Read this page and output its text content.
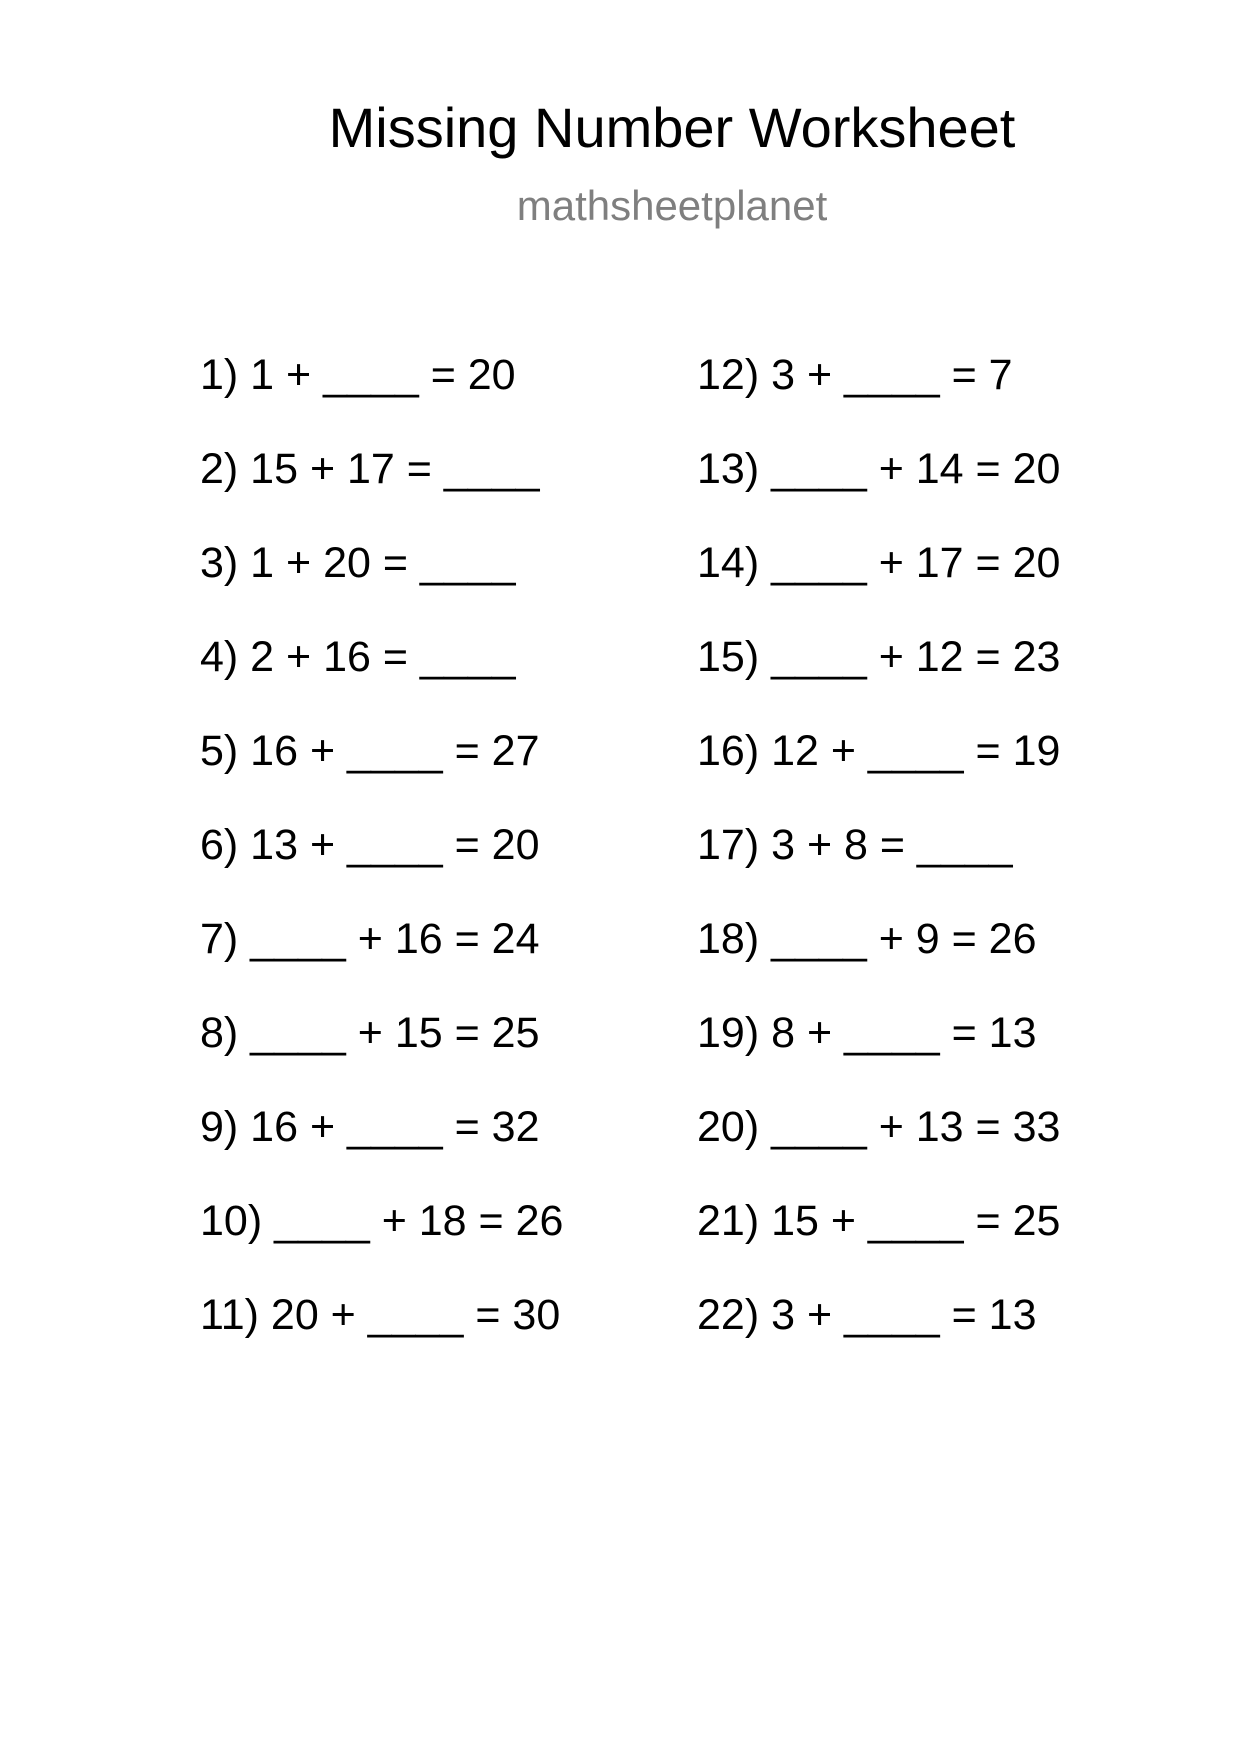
Missing Number Worksheet
mathsheetplanet
1) 1 + ____ = 20
2) 15 + 17 = ____
3) 1 + 20 = ____
4) 2 + 16 = ____
5) 16 + ____ = 27
6) 13 + ____ = 20
7) ____ + 16 = 24
8) ____ + 15 = 25
9) 16 + ____ = 32
10) ____ + 18 = 26
11) 20 + ____ = 30
12) 3 + ____ = 7
13) ____ + 14 = 20
14) ____ + 17 = 20
15) ____ + 12 = 23
16) 12 + ____ = 19
17) 3 + 8 = ____
18) ____ + 9 = 26
19) 8 + ____ = 13
20) ____ + 13 = 33
21) 15 + ____ = 25
22) 3 + ____ = 13
